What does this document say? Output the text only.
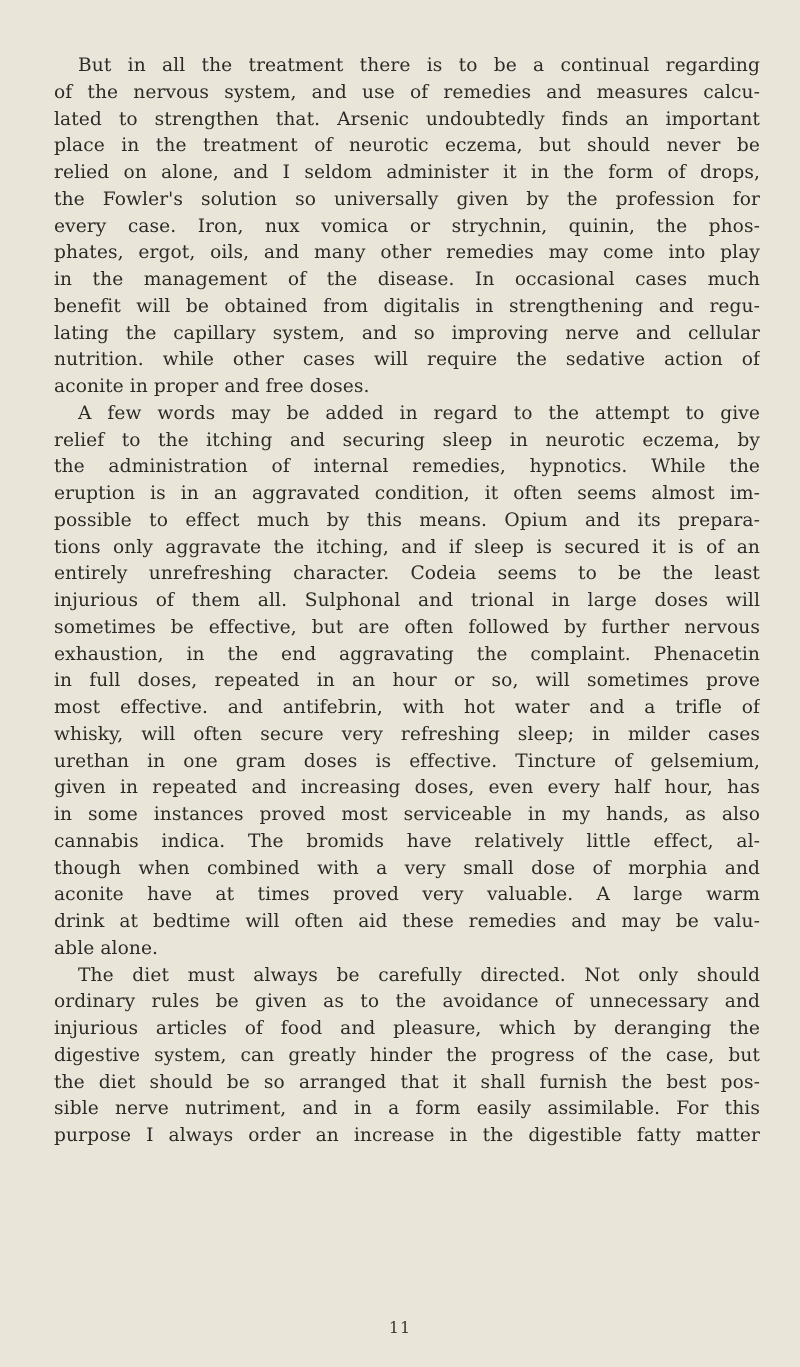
But in all the treatment there is to be a continual regarding
of the nervous system, and use of remedies and measures calcu-
lated to strengthen that. Arsenic undoubtedly finds an important
place in the treatment of neurotic eczema, but should never be
relied on alone, and I seldom administer it in the form of drops,
the Fowler's solution so universally given by the profession for
every case. Iron, nux vomica or strychnin, quinin, the phos-
phates, ergot, oils, and many other remedies may come into play
in the management of the disease. In occasional cases much
benefit will be obtained from digitalis in strengthening and regu-
lating the capillary system, and so improving nerve and cellular
nutrition. while other cases will require the sedative action of
aconite in proper and free doses.
A few words may be added in regard to the attempt to give
relief to the itching and securing sleep in neurotic eczema, by
the administration of internal remedies, hypnotics. While the
eruption is in an aggravated condition, it often seems almost im-
possible to effect much by this means. Opium and its prepara-
tions only aggravate the itching, and if sleep is secured it is of an
entirely unrefreshing character. Codeia seems to be the least
injurious of them all. Sulphonal and trional in large doses will
sometimes be effective, but are often followed by further nervous
exhaustion, in the end aggravating the complaint. Phenacetin
in full doses, repeated in an hour or so, will sometimes prove
most effective. and antifebrin, with hot water and a trifle of
whisky, will often secure very refreshing sleep; in milder cases
urethan in one gram doses is effective. Tincture of gelsemium,
given in repeated and increasing doses, even every half hour, has
in some instances proved most serviceable in my hands, as also
cannabis indica. The bromids have relatively little effect, al-
though when combined with a very small dose of morphia and
aconite have at times proved very valuable. A large warm
drink at bedtime will often aid these remedies and may be valu-
able alone.
The diet must always be carefully directed. Not only should
ordinary rules be given as to the avoidance of unnecessary and
injurious articles of food and pleasure, which by deranging the
digestive system, can greatly hinder the progress of the case, but
the diet should be so arranged that it shall furnish the best pos-
sible nerve nutriment, and in a form easily assimilable. For this
purpose I always order an increase in the digestible fatty matter
11
